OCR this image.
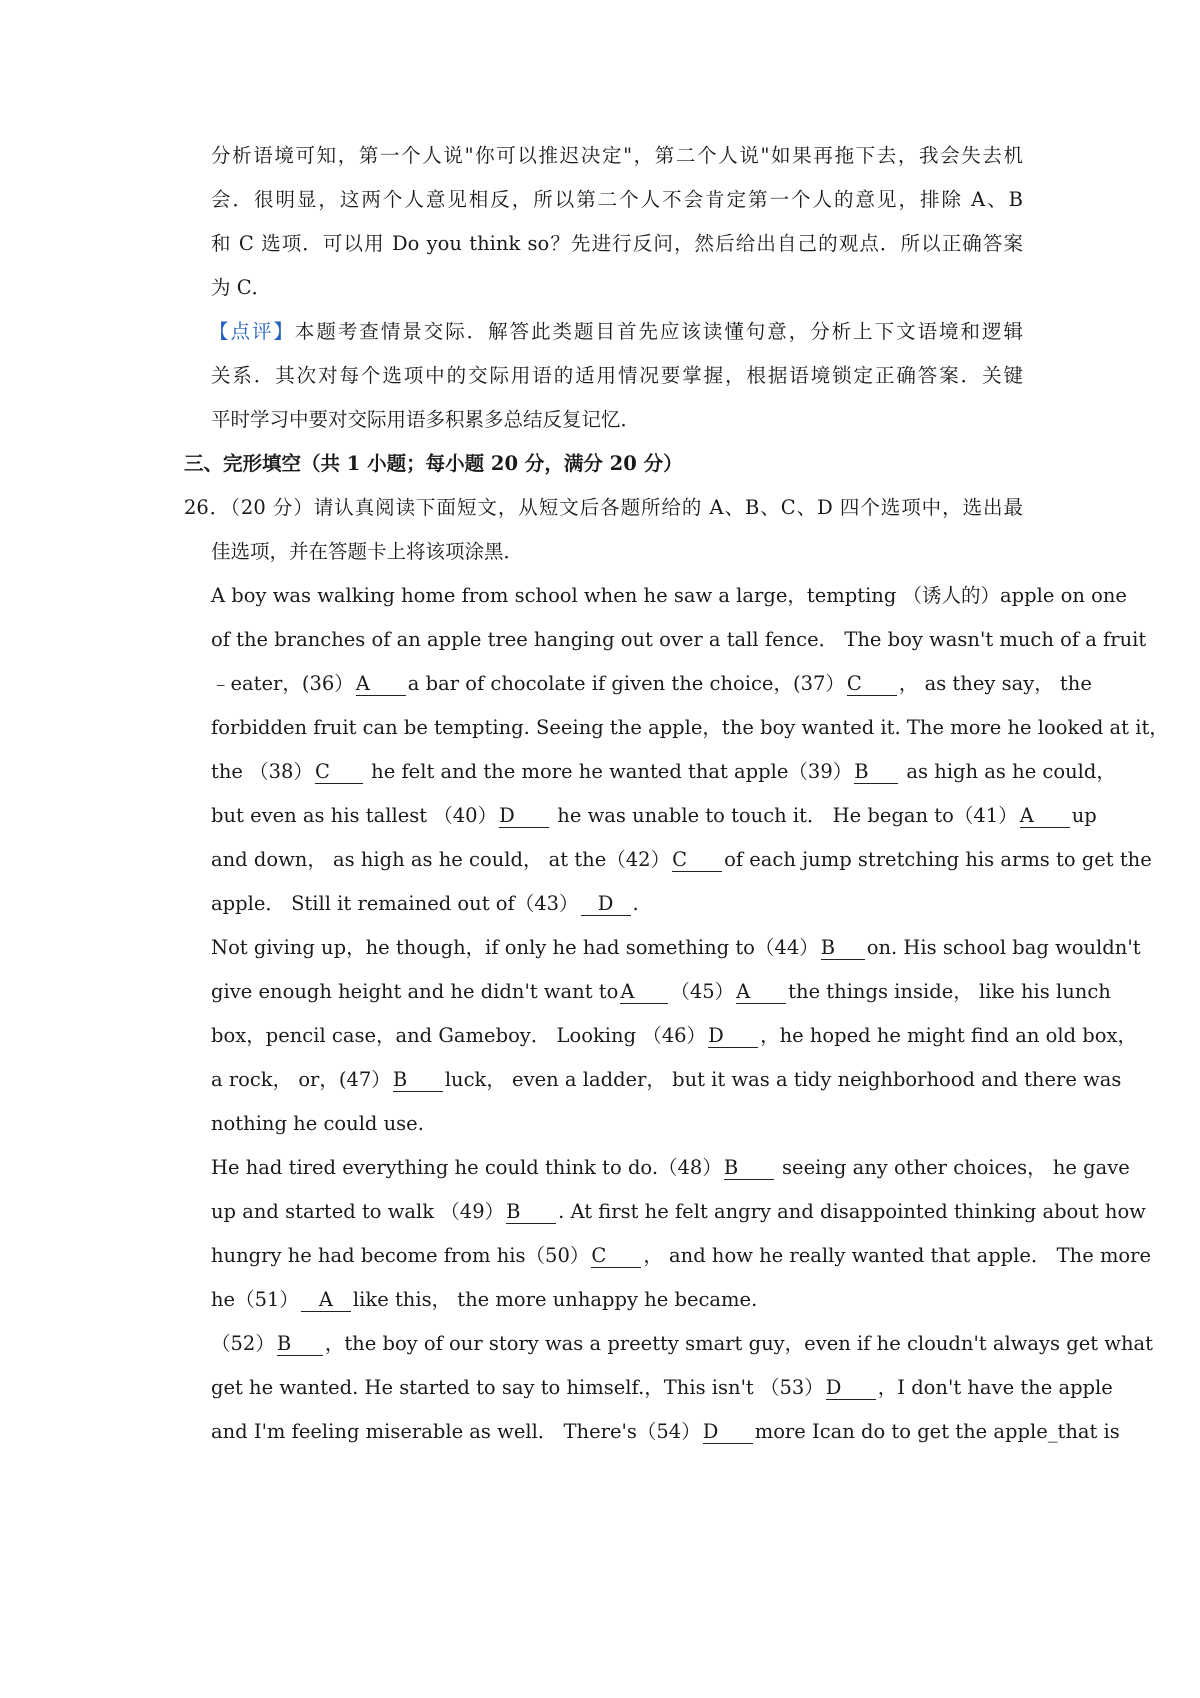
分析语境可知，第一个人说"你可以推迟决定"，第二个人说"如果再拖下去，我会失去机
会．很明显，这两个人意见相反，所以第二个人不会肯定第一个人的意见，排除 A、B
和 C 选项．可以用 Do you think so？先进行反问，然后给出自己的观点．所以正确答案
为 C．
【点评】本题考查情景交际．解答此类题目首先应该读懂句意，分析上下文语境和逻辑
关系．其次对每个选项中的交际用语的适用情况要掌握，根据语境锁定正确答案．关键
平时学习中要对交际用语多积累多总结反复记忆．
三、完形填空（共 1 小题；每小题 20 分，满分 20 分）
26．（20 分）请认真阅读下面短文，从短文后各题所给的 A、B、C、D 四个选项中，选出最
佳选项，并在答题卡上将该项涂黑．
A boy was walking home from school when he saw a large，tempting （诱人的）apple on one
of the branches of an apple tree hanging out over a tall fence． The boy wasn't much of a fruit
﹣eater，(36） A a bar of chocolate if given the choice，(37） C ， as they say， the
forbidden fruit can be tempting. Seeing the apple，the boy wanted it. The more he looked at it，
the （38） C he felt and the more he wanted that apple（39） B as high as he could，
but even as his tallest （40） D he was unable to touch it． He began to（41） A up
and down， as high as he could， at the（42） C of each jump stretching his arms to get the
apple． Still it remained out of（43） D .
Not giving up，he though，if only he had something to（44） B on. His school bag wouldn't
give enough height and he didn't want to A （45） A the things inside， like his lunch
box，pencil case，and Gameboy． Looking （46） D ，he hoped he might find an old box，
a rock， or，(47） B luck， even a ladder， but it was a tidy neighborhood and there was
nothing he could use.
He had tired everything he could think to do.（48） B seeing any other choices， he gave
up and started to walk （49） B . At first he felt angry and disappointed thinking about how
hungry he had become from his（50） C ， and how he really wanted that apple． The more
he（51） A like this， the more unhappy he became.
（52） B ，the boy of our story was a preetty smart guy，even if he cloudn't always get what
get he wanted. He started to say to himself.，This isn't （53） D ，I don't have the apple
and I'm feeling miserable as well． There's（54） D more Ican do to get the apple_that is
